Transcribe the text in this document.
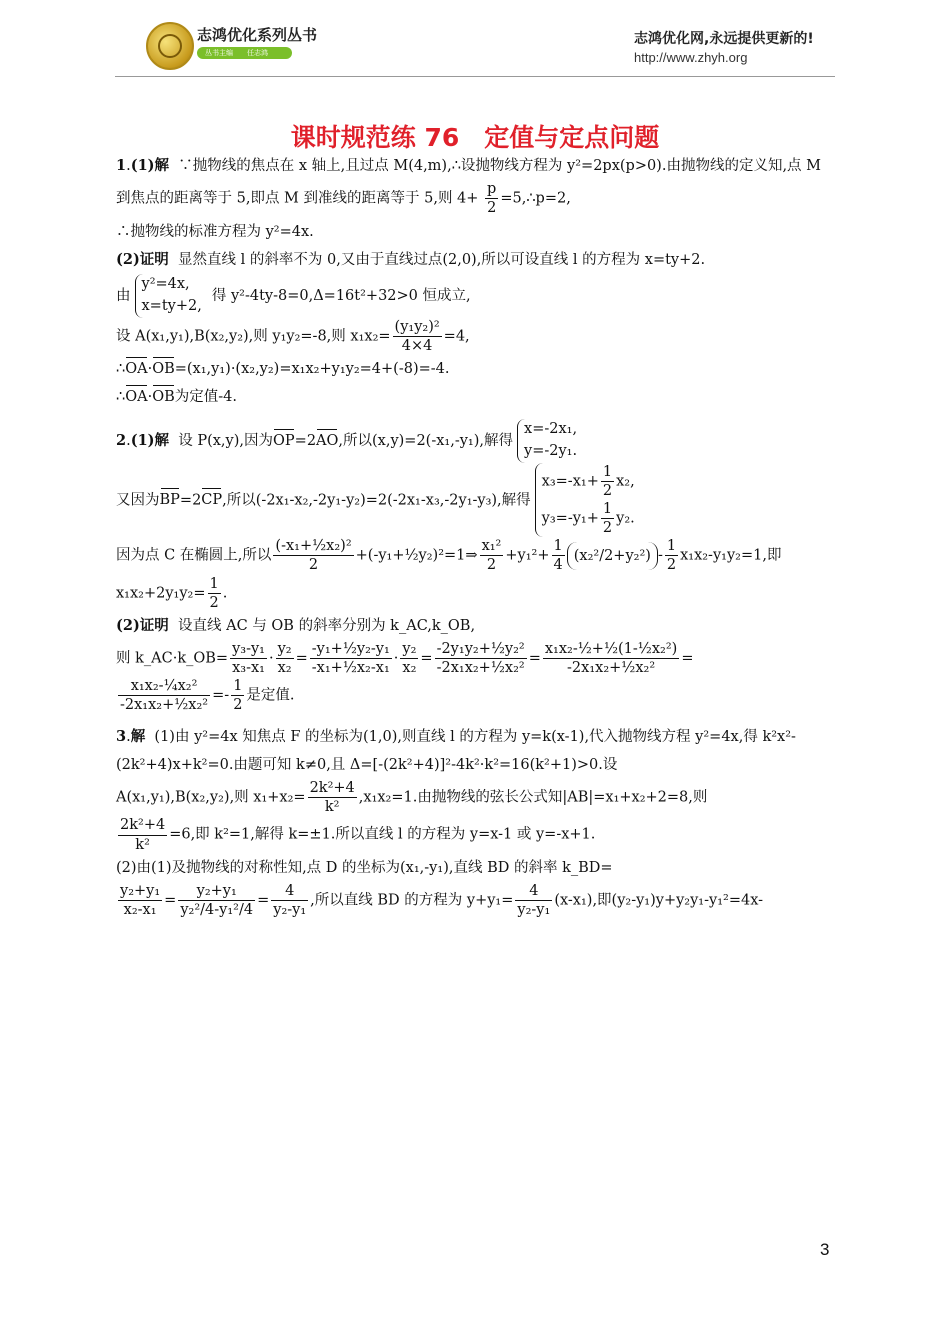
志鸿优化系列丛书
丛书主编 任志鸿
志鸿优化网,永远提供更新的!
http://www.zhyh.org
课时规范练 76　定值与定点问题
1.(1)解 ∵抛物线的焦点在 x 轴上,且过点 M(4,m),∴设抛物线方程为 y²=2px(p>0).由抛物线的定义知,点 M 到焦点的距离等于 5,即点 M 到准线的距离等于 5,则 $4+ \frac{p}{2}$ =5,∴p=2,
∴抛物线的标准方程为 y²=4x.
(2)证明 显然直线 l 的斜率不为 0,又由于直线过点(2,0),所以可设直线 l 的方程为 x=ty+2.
由
y²=4x,
x=ty+2,
得 y²-4ty-8=0,Δ=16t²+32>0 恒成立,
设 A(x₁,y₁),B(x₂,y₂),则 y₁y₂=-8,则 $x_1x_2= \frac{\text{(y₁y₂)²}}{4\times 4} =4$,
∴OA·OB=(x₁,y₁)·(x₂,y₂)=x₁x₂+y₁y₂=4+(-8)=-4.
∴OA·OB为定值-4.
2.(1)解 设 P(x,y),因为OP=2AO,所以(x,y)=2(-x₁,-y₁),解得
x=-2x₁,
y=-2y₁.
又因为BP=2CP,所以(-2x₁-x₂,-2y₁-y₂)=2(-2x₁-x₃,-2y₁-y₃),解得
$x_3=-x_1+ \frac{1}{2} x_2$,
$y_3=-y_1+ \frac{1}{2} y_2$.
因为点 C 在椭圆上,所以 $\frac{\text{(-x₁+½x₂)²}}{2}$ +(-y₁+½y₂)²=1⇒ $\frac{\text{x₁²}}{2} +y_1^2+ \frac{1}{4} (x_2^2/2+y_2^2) - \frac{1}{2} x_1x_2-y_1y_2=1$,即
$x_1x_2+2y_1y_2= \frac{1}{2}$ .
(2)证明 设直线 AC 与 OB 的斜率分别为 k_AC,k_OB,
则 k_AC·k_OB= $\frac{\text{y₃-y₁}}{\text{x₃-x₁}} \cdot \frac{\text{y₂}}{\text{x₂}} = \frac{\text{-y₁+½y₂-y₁}}{\text{-x₁+½x₂-x₁}} \cdot \frac{\text{y₂}}{\text{x₂}} = \frac{\text{-2y₁y₂+½y₂²}}{\text{-2x₁x₂+½x₂²}} = \frac{\text{x₁x₂-½+½(1-½x₂²)}}{\text{-2x₁x₂+½x₂²}}$ =
$\frac{\text{x₁x₂-¼x₂²}}{\text{-2x₁x₂+½x₂²}} =- \frac{1}{2}$ 是定值.
3.解 (1)由 y²=4x 知焦点 F 的坐标为(1,0),则直线 l 的方程为 y=k(x-1),代入抛物线方程 y²=4x,得 k²x²-(2k²+4)x+k²=0.由题可知 k≠0,且 Δ=[-(2k²+4)]²-4k²·k²=16(k²+1)>0.设
A(x₁,y₁),B(x₂,y₂),则 $x_1+x_2= \frac{\text{2k²+4}}{\text{k²}} ,x_1x_2=1$.由抛物线的弦长公式知|AB|=x₁+x₂+2=8,则
$\frac{\text{2k²+4}}{\text{k²}} =6$,即 k²=1,解得 k=±1.所以直线 l 的方程为 y=x-1 或 y=-x+1.
(2)由(1)及抛物线的对称性知,点 D 的坐标为(x₁,-y₁),直线 BD 的斜率 k_BD=
$\frac{\text{y₂+y₁}}{\text{x₂-x₁}} = \frac{\text{y₂+y₁}}{\text{y₂²/4-y₁²/4}} = \frac{4}{\text{y₂-y₁}}$ ,所以直线 BD 的方程为 $y+y_1= \frac{4}{\text{y₂-y₁}} (x-x_1)$,即(y₂-y₁)y+y₂y₁-y₁²=4x-
3
